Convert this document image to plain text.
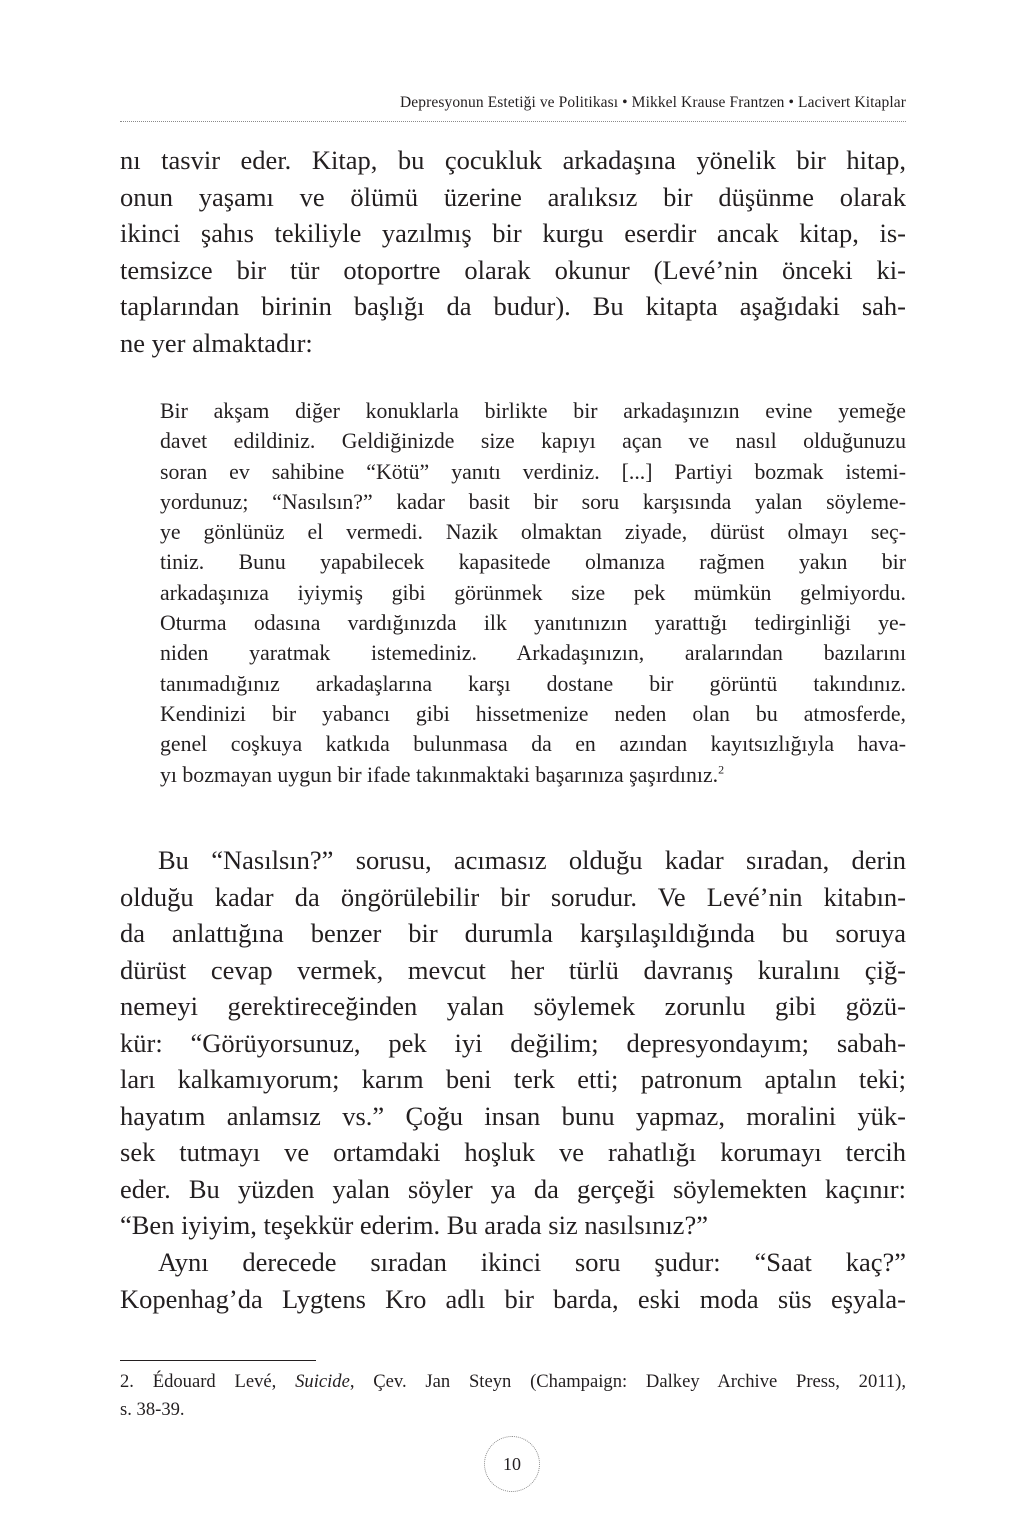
Depresyonun Estetiği ve Politikası • Mikkel Krause Frantzen • Lacivert Kitaplar
nı tasvir eder. Kitap, bu çocukluk arkadaşına yönelik bir hitap,
onun yaşamı ve ölümü üzerine aralıksız bir düşünme olarak
ikinci şahıs tekiliyle yazılmış bir kurgu eserdir ancak kitap, is-
temsizce bir tür otoportre olarak okunur (Levé’nin önceki ki-
taplarından birinin başlığı da budur). Bu kitapta aşağıdaki sah-
ne yer almaktadır:
Bir akşam diğer konuklarla birlikte bir arkadaşınızın evine yemeğe
davet edildiniz. Geldiğinizde size kapıyı açan ve nasıl olduğunuzu
soran ev sahibine “Kötü” yanıtı verdiniz. [...] Partiyi bozmak istemi-
yordunuz; “Nasılsın?” kadar basit bir soru karşısında yalan söyleme-
ye gönlünüz el vermedi. Nazik olmaktan ziyade, dürüst olmayı seç-
tiniz. Bunu yapabilecek kapasitede olmanıza rağmen yakın bir
arkadaşınıza iyiymiş gibi görünmek size pek mümkün gelmiyordu.
Oturma odasına vardığınızda ilk yanıtınızın yarattığı tedirginliği ye-
niden yaratmak istemediniz. Arkadaşınızın, aralarından bazılarını
tanımadığınız arkadaşlarına karşı dostane bir görüntü takındınız.
Kendinizi bir yabancı gibi hissetmenize neden olan bu atmosferde,
genel coşkuya katkıda bulunmasa da en azından kayıtsızlığıyla hava-
yı bozmayan uygun bir ifade takınmaktaki başarınıza şaşırdınız.$^2$
Bu “Nasılsın?” sorusu, acımasız olduğu kadar sıradan, derin
olduğu kadar da öngörülebilir bir sorudur. Ve Levé’nin kitabın-
da anlattığına benzer bir durumla karşılaşıldığında bu soruya
dürüst cevap vermek, mevcut her türlü davranış kuralını çiğ-
nemeyi gerektireceğinden yalan söylemek zorunlu gibi gözü-
kür: “Görüyorsunuz, pek iyi değilim; depresyondayım; sabah-
ları kalkamıyorum; karım beni terk etti; patronum aptalın teki;
hayatım anlamsız vs.” Çoğu insan bunu yapmaz, moralini yük-
sek tutmayı ve ortamdaki hoşluk ve rahatlığı korumayı tercih
eder. Bu yüzden yalan söyler ya da gerçeği söylemekten kaçınır:
“Ben iyiyim, teşekkür ederim. Bu arada siz nasılsınız?”
Aynı derecede sıradan ikinci soru şudur: “Saat kaç?”
Kopenhag’da Lygtens Kro adlı bir barda, eski moda süs eşyala-
2. Édouard Levé, Suicide, Çev. Jan Steyn (Champaign: Dalkey Archive Press, 2011),
s. 38-39.
10
